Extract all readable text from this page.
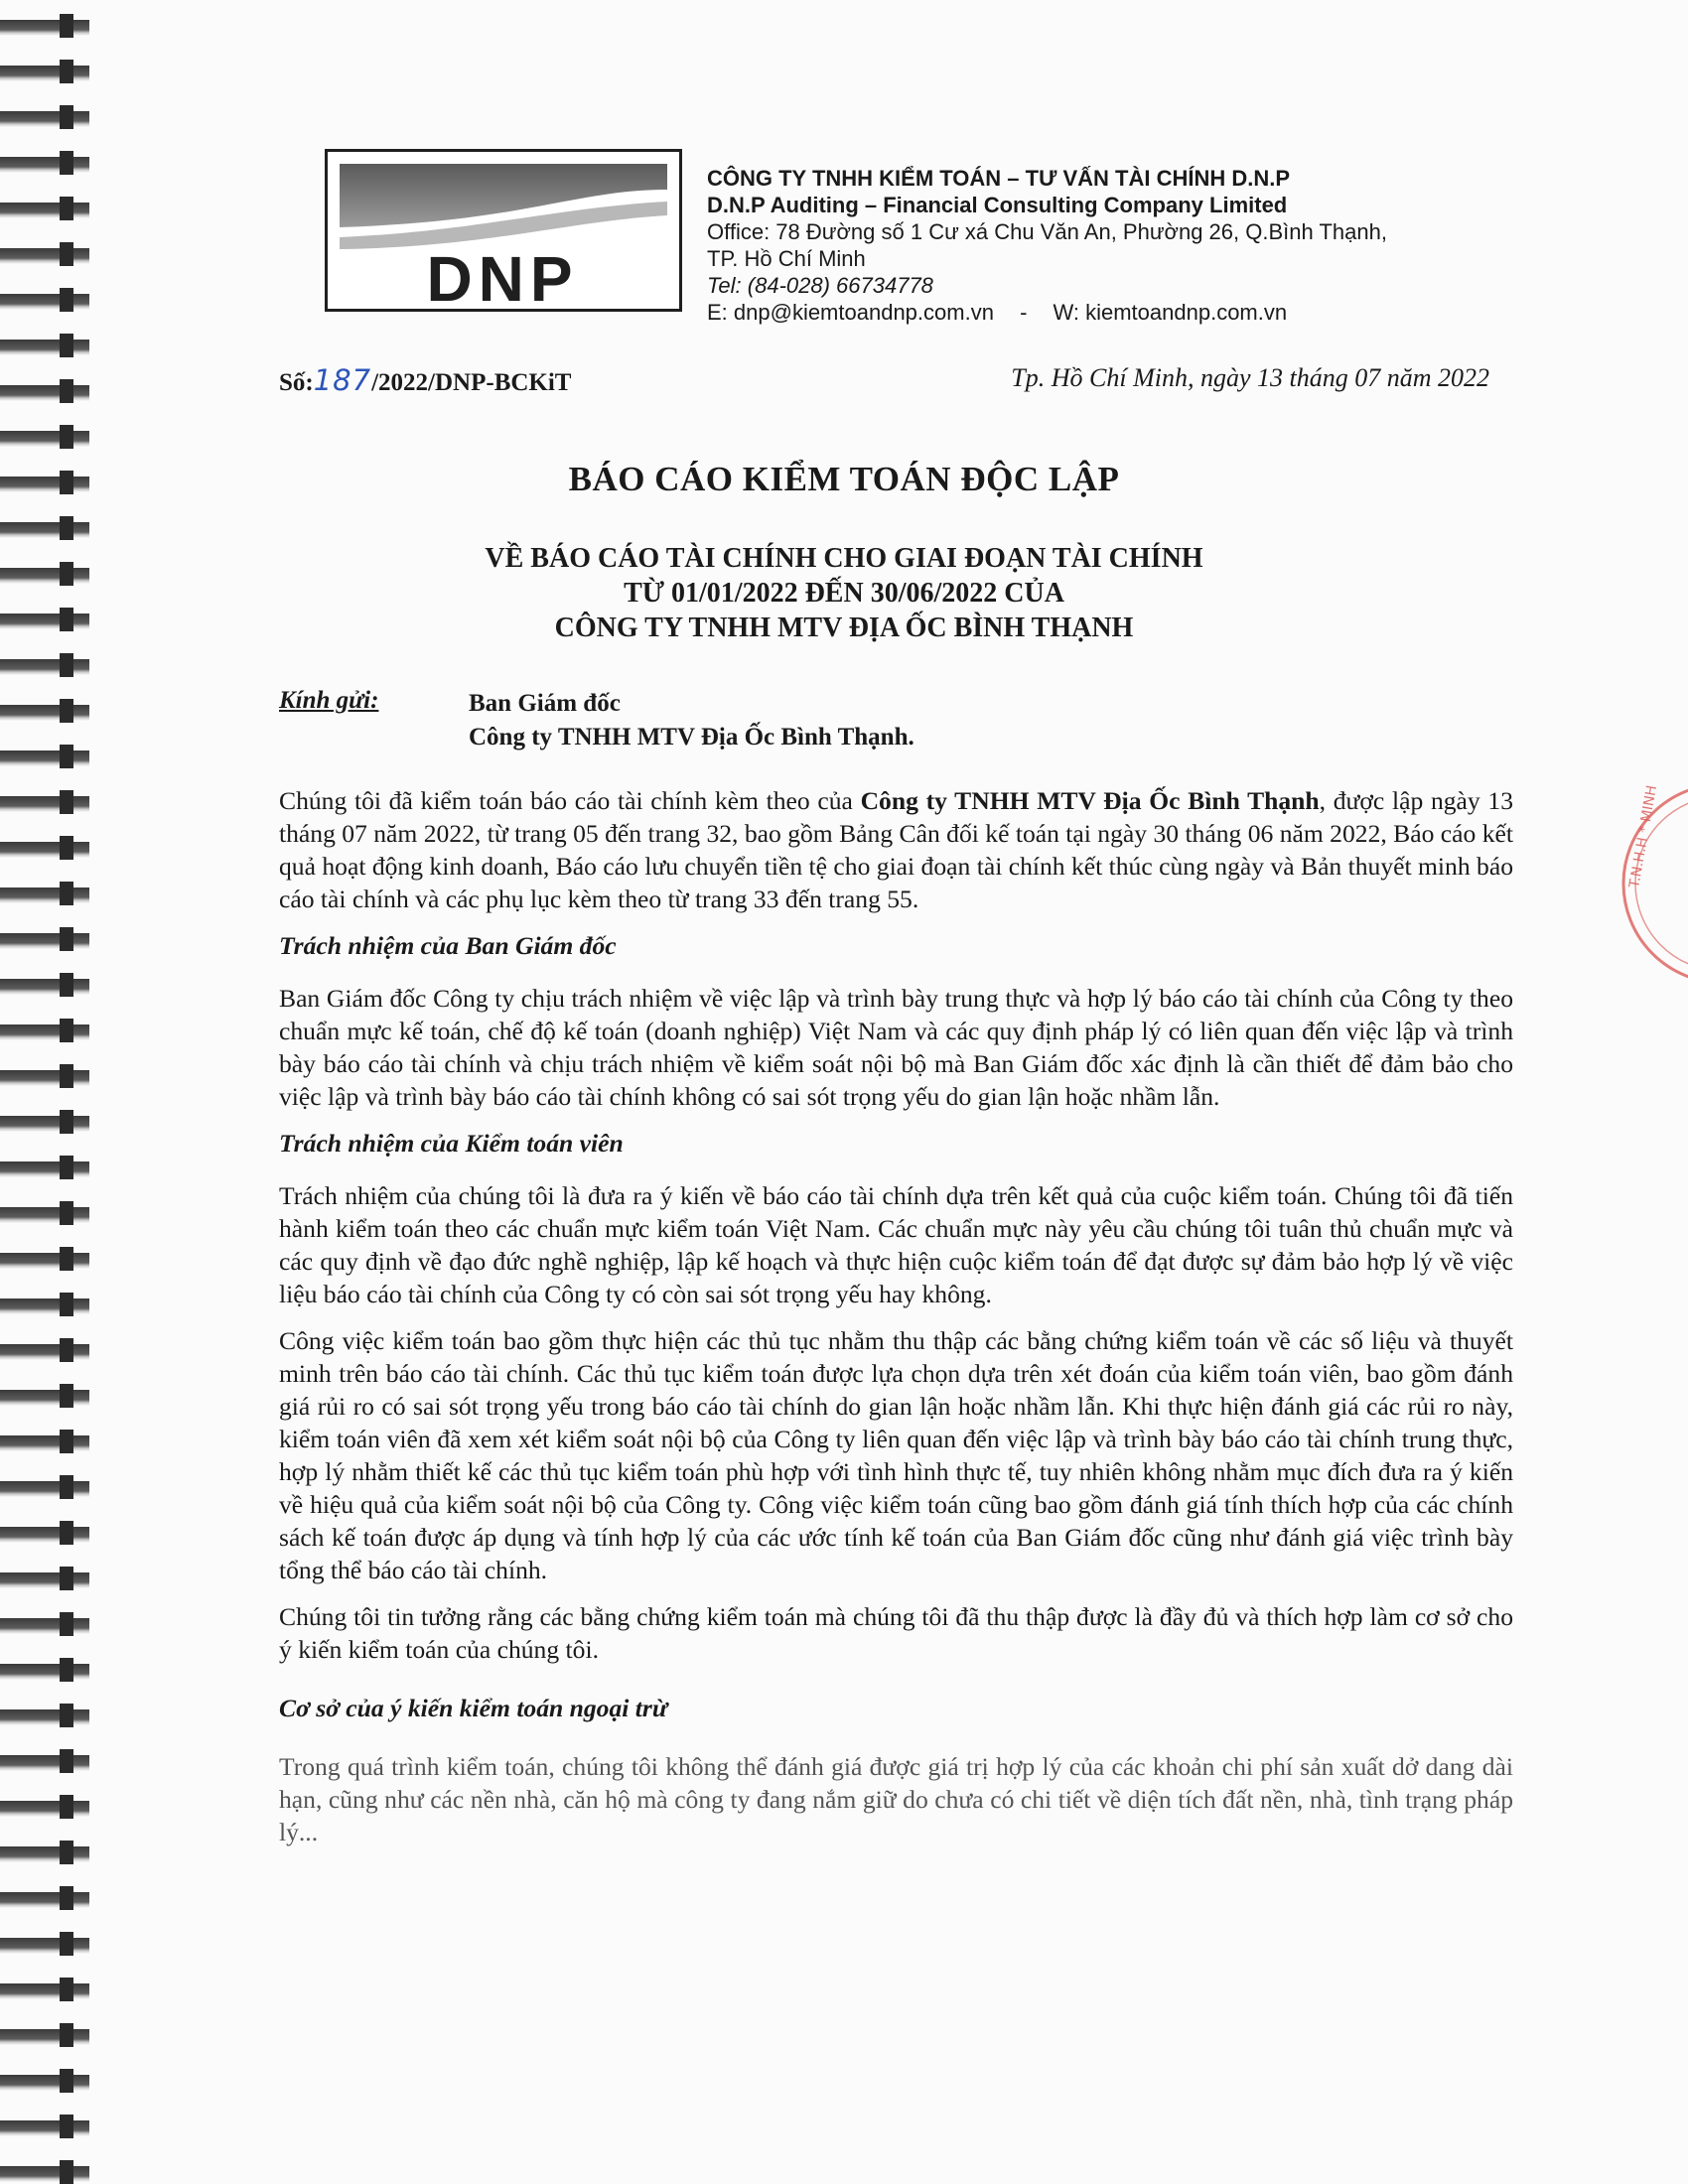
DNP
CÔNG TY TNHH KIỂM TOÁN – TƯ VẤN TÀI CHÍNH D.N.P
D.N.P Auditing – Financial Consulting Company Limited
Office: 78 Đường số 1 Cư xá Chu Văn An, Phường 26, Q.Bình Thạnh,
TP. Hồ Chí Minh
Tel: (84-028) 66734778
E: dnp@kiemtoandnp.com.vn - W: kiemtoandnp.com.vn
Số:187/2022/DNP-BCKiT	Tp. Hồ Chí Minh, ngày 13 tháng 07 năm 2022
BÁO CÁO KIỂM TOÁN ĐỘC LẬP
VỀ BÁO CÁO TÀI CHÍNH CHO GIAI ĐOẠN TÀI CHÍNH
TỪ 01/01/2022 ĐẾN 30/06/2022 CỦA
CÔNG TY TNHH MTV ĐỊA ỐC BÌNH THẠNH
Kính gửi:	Ban Giám đốc
Công ty TNHH MTV Địa Ốc Bình Thạnh.

Chúng tôi đã kiểm toán báo cáo tài chính kèm theo của Công ty TNHH MTV Địa Ốc Bình Thạnh, được lập ngày 13 tháng 07 năm 2022, từ trang 05 đến trang 32, bao gồm Bảng Cân đối kế toán tại ngày 30 tháng 06 năm 2022, Báo cáo kết quả hoạt động kinh doanh, Báo cáo lưu chuyển tiền tệ cho giai đoạn tài chính kết thúc cùng ngày và Bản thuyết minh báo cáo tài chính và các phụ lục kèm theo từ trang 33 đến trang 55.

Trách nhiệm của Ban Giám đốc

Ban Giám đốc Công ty chịu trách nhiệm về việc lập và trình bày trung thực và hợp lý báo cáo tài chính của Công ty theo chuẩn mực kế toán, chế độ kế toán (doanh nghiệp) Việt Nam và các quy định pháp lý có liên quan đến việc lập và trình bày báo cáo tài chính và chịu trách nhiệm về kiểm soát nội bộ mà Ban Giám đốc xác định là cần thiết để đảm bảo cho việc lập và trình bày báo cáo tài chính không có sai sót trọng yếu do gian lận hoặc nhầm lẫn.

Trách nhiệm của Kiểm toán viên

Trách nhiệm của chúng tôi là đưa ra ý kiến về báo cáo tài chính dựa trên kết quả của cuộc kiểm toán. Chúng tôi đã tiến hành kiểm toán theo các chuẩn mực kiểm toán Việt Nam. Các chuẩn mực này yêu cầu chúng tôi tuân thủ chuẩn mực và các quy định về đạo đức nghề nghiệp, lập kế hoạch và thực hiện cuộc kiểm toán để đạt được sự đảm bảo hợp lý về việc liệu báo cáo tài chính của Công ty có còn sai sót trọng yếu hay không.

Công việc kiểm toán bao gồm thực hiện các thủ tục nhằm thu thập các bằng chứng kiểm toán về các số liệu và thuyết minh trên báo cáo tài chính. Các thủ tục kiểm toán được lựa chọn dựa trên xét đoán của kiểm toán viên, bao gồm đánh giá rủi ro có sai sót trọng yếu trong báo cáo tài chính do gian lận hoặc nhầm lẫn. Khi thực hiện đánh giá các rủi ro này, kiểm toán viên đã xem xét kiểm soát nội bộ của Công ty liên quan đến việc lập và trình bày báo cáo tài chính trung thực, hợp lý nhằm thiết kế các thủ tục kiểm toán phù hợp với tình hình thực tế, tuy nhiên không nhằm mục đích đưa ra ý kiến về hiệu quả của kiểm soát nội bộ của Công ty. Công việc kiểm toán cũng bao gồm đánh giá tính thích hợp của các chính sách kế toán được áp dụng và tính hợp lý của các ước tính kế toán của Ban Giám đốc cũng như đánh giá việc trình bày tổng thể báo cáo tài chính.

Chúng tôi tin tưởng rằng các bằng chứng kiểm toán mà chúng tôi đã thu thập được là đầy đủ và thích hợp làm cơ sở cho ý kiến kiểm toán của chúng tôi.

Cơ sở của ý kiến kiểm toán ngoại trừ

Trong quá trình kiểm toán, chúng tôi không thể đánh giá được giá trị hợp lý của các khoản chi phí sản xuất dở dang dài hạn, cũng như các nền nhà, căn hộ mà công ty đang nắm giữ do chưa có chi tiết về diện tích đất nền, nhà, tình trạng pháp lý...

T.N.H.H * MINH
